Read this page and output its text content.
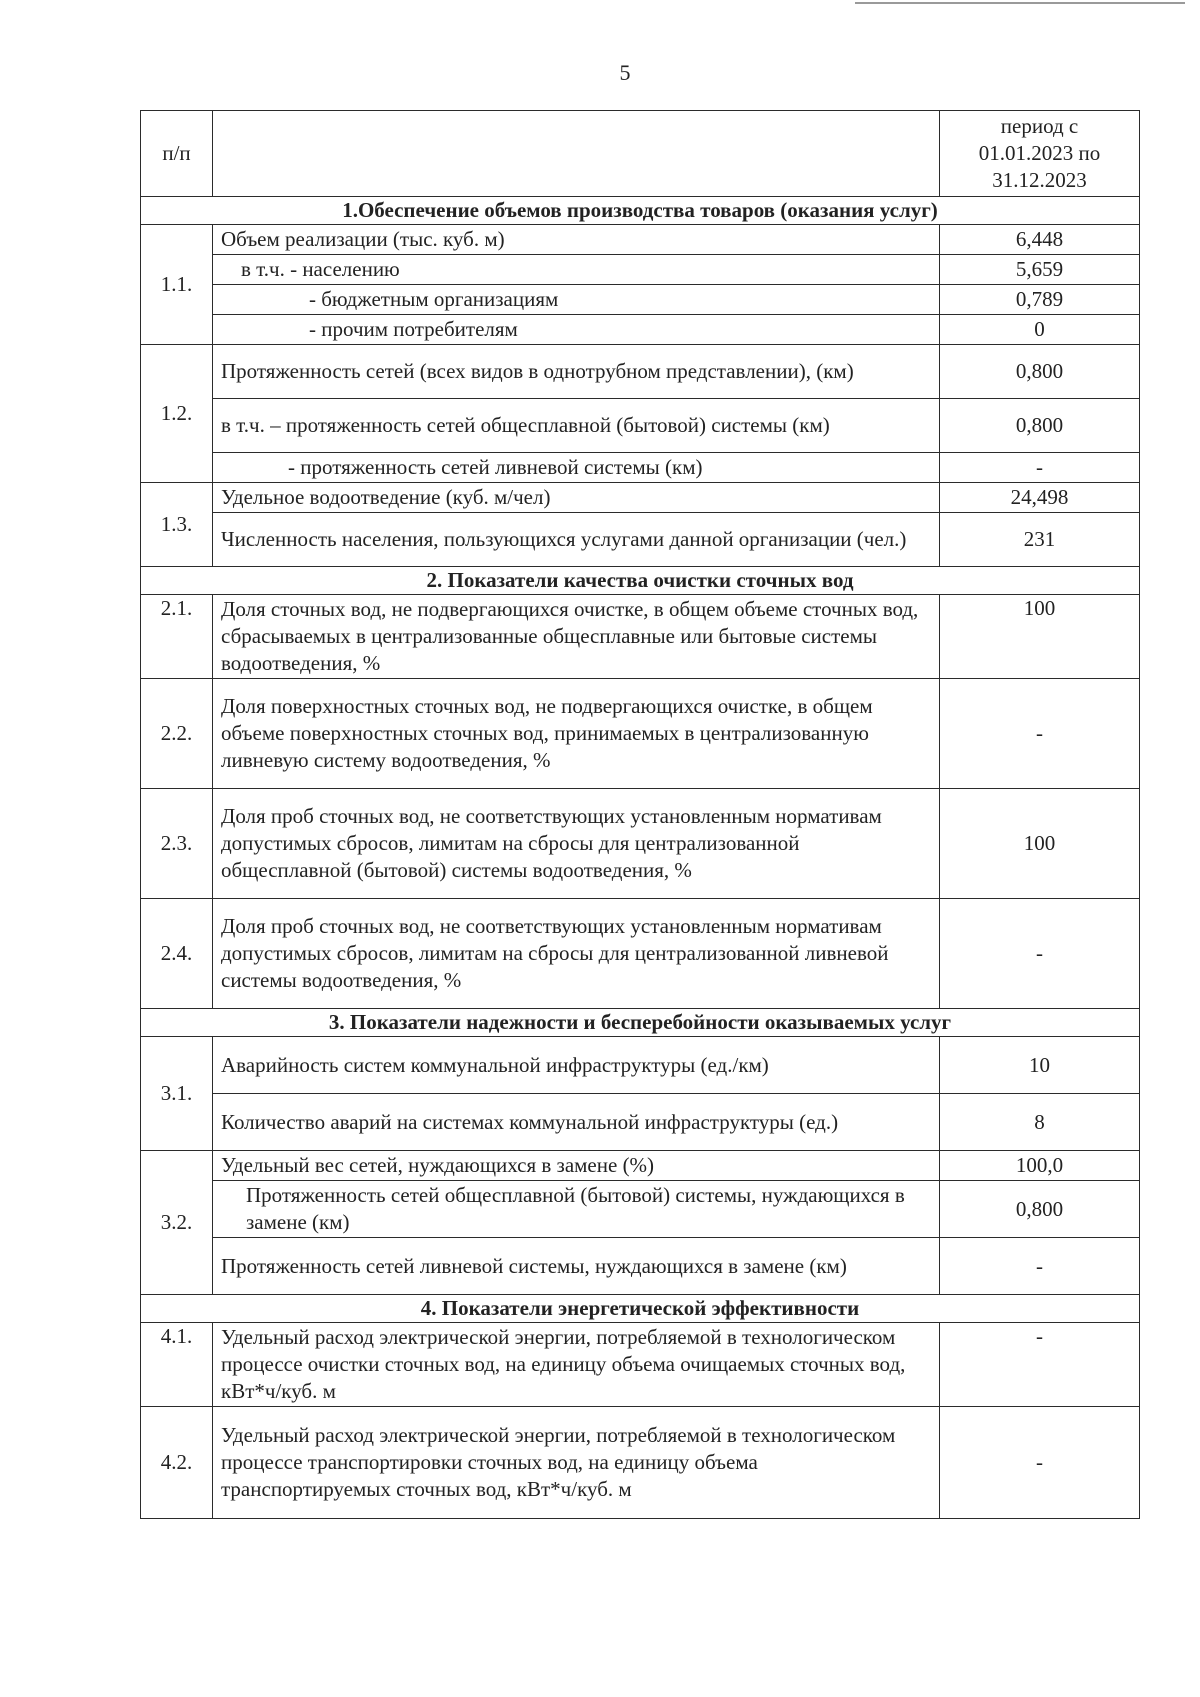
5
п/п		период с
01.01.2023 по
31.12.2023

1.Обеспечение объемов производства товаров (оказания услуг)		
1.1.	Объем реализации (тыс. куб. м)	6,448
	в т.ч. - населению	5,659
	- бюджетным организациям	0,789
	- прочим потребителям	0
1.2.	Протяженность сетей (всех видов в однотрубном представлении), (км)	0,800
	в т.ч. – протяженность сетей общесплавной (бытовой) системы (км)	0,800
	- протяженность сетей ливневой системы (км)	-
1.3.	Удельное водоотведение (куб. м/чел)	24,498
	Численность населения, пользующихся услугами данной организации (чел.)	231
2. Показатели качества очистки сточных вод		
2.1.	Доля сточных вод, не подвергающихся очистке, в общем объеме сточных вод, сбрасываемых в централизованные общесплавные или бытовые системы водоотведения, %	100
2.2.	Доля поверхностных сточных вод, не подвергающихся очистке, в общем объеме поверхностных сточных вод, принимаемых в централизованную ливневую систему водоотведения, %	-
2.3.	Доля проб сточных вод, не соответствующих установленным нормативам допустимых сбросов, лимитам на сбросы для централизованной общесплавной (бытовой) системы водоотведения, %	100
2.4.	Доля проб сточных вод, не соответствующих установленным нормативам допустимых сбросов, лимитам на сбросы для централизованной ливневой системы водоотведения, %	-
3. Показатели надежности и бесперебойности оказываемых услуг		
3.1.	Аварийность систем коммунальной инфраструктуры (ед./км)	10
	Количество аварий на системах коммунальной инфраструктуры (ед.)	8
3.2.	Удельный вес сетей, нуждающихся в замене (%)	100,0
	Протяженность сетей общесплавной (бытовой) системы, нуждающихся в замене (км)	0,800
	Протяженность сетей ливневой системы, нуждающихся в замене (км)	-
4. Показатели энергетической эффективности		
4.1.	Удельный расход электрической энергии, потребляемой в технологическом процессе очистки сточных вод, на единицу объема очищаемых сточных вод, кВт*ч/куб. м	-
4.2.	Удельный расход электрической энергии, потребляемой в технологическом процессе транспортировки сточных вод, на единицу объема транспортируемых сточных вод, кВт*ч/куб. м	-
